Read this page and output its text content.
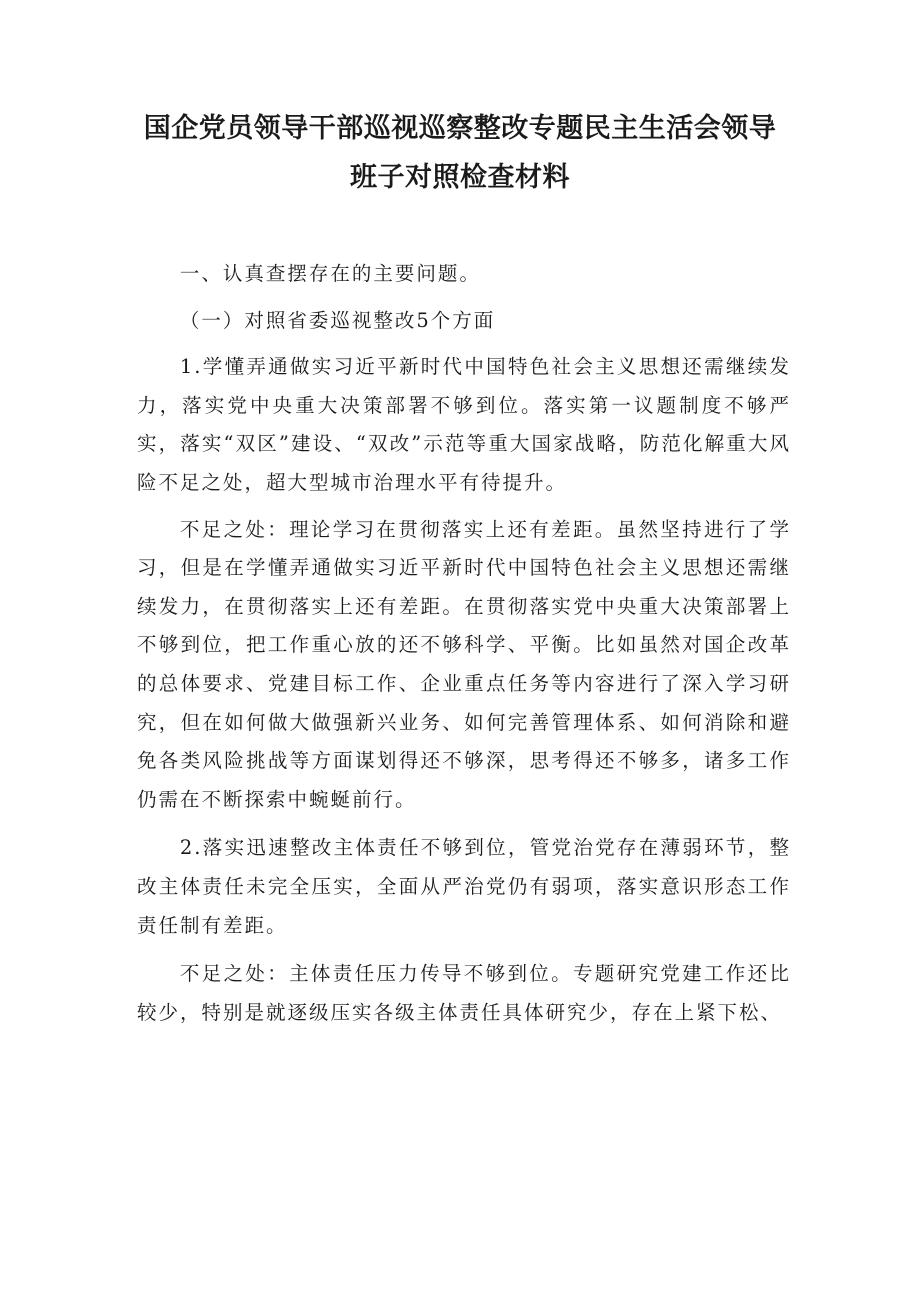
国企党员领导干部巡视巡察整改专题民主生活会领导
班子对照检查材料

一、认真查摆存在的主要问题。

（一）对照省委巡视整改5个方面

1.学懂弄通做实习近平新时代中国特色社会主义思想还需继续发力，落实党中央重大决策部署不够到位。落实第一议题制度不够严实，落实“双区”建设、“双改”示范等重大国家战略，防范化解重大风险不足之处，超大型城市治理水平有待提升。

不足之处：理论学习在贯彻落实上还有差距。虽然坚持进行了学习，但是在学懂弄通做实习近平新时代中国特色社会主义思想还需继续发力，在贯彻落实上还有差距。在贯彻落实党中央重大决策部署上不够到位，把工作重心放的还不够科学、平衡。比如虽然对国企改革的总体要求、党建目标工作、企业重点任务等内容进行了深入学习研究，但在如何做大做强新兴业务、如何完善管理体系、如何消除和避免各类风险挑战等方面谋划得还不够深，思考得还不够多，诸多工作仍需在不断探索中蜿蜒前行。

2.落实迅速整改主体责任不够到位，管党治党存在薄弱环节，整改主体责任未完全压实，全面从严治党仍有弱项，落实意识形态工作责任制有差距。

不足之处：主体责任压力传导不够到位。专题研究党建工作还比较少，特别是就逐级压实各级主体责任具体研究少，存在上紧下松、
